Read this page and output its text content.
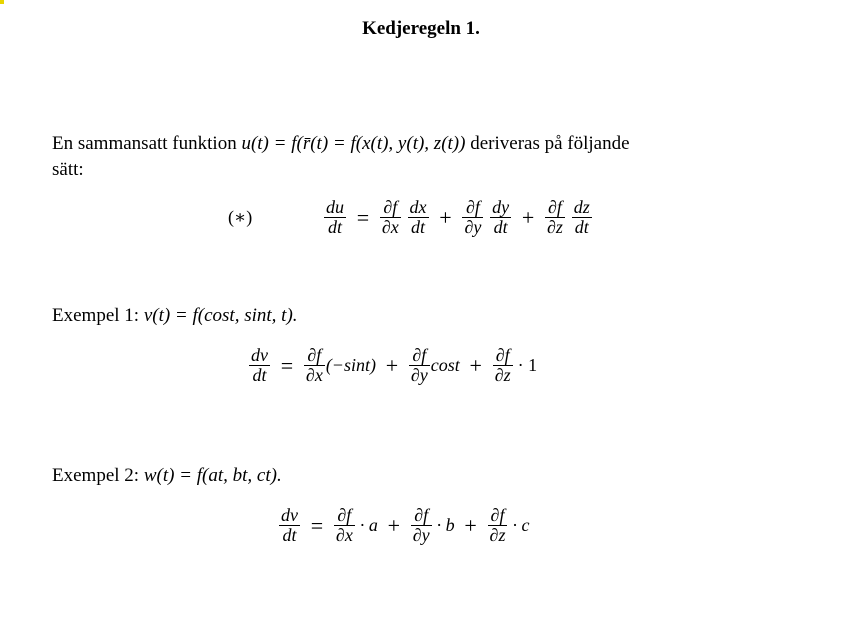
Kedjeregeln 1.
En sammansatt funktion u(t) = f(r̄(t) = f(x(t), y(t), z(t)) deriveras på följande
sätt:
(∗)	$\frac{du}{dt} = \frac{\partial f}{\partial x}$
$\frac{dx}{dt} + \frac{\partial f}{\partial y}$
$\frac{dy}{dt} + \frac{\partial f}{\partial z}$
$\frac{dz}{dt}$
Exempel 1: v(t) = f(cost, sint, t).
$\frac{dv}{dt} = \frac{\partial f}{\partial x} (-\sin t) + \frac{\partial f}{\partial y}$ $\cos t + \frac{\partial f}{\partial z} \cdot 1$
Exempel 2: w(t) = f(at, bt, ct).
$\frac{dv}{dt} = \frac{\partial f}{\partial x} \cdot a + \frac{\partial f}{\partial y} \cdot b + \frac{\partial f}{\partial z} \cdot c$
